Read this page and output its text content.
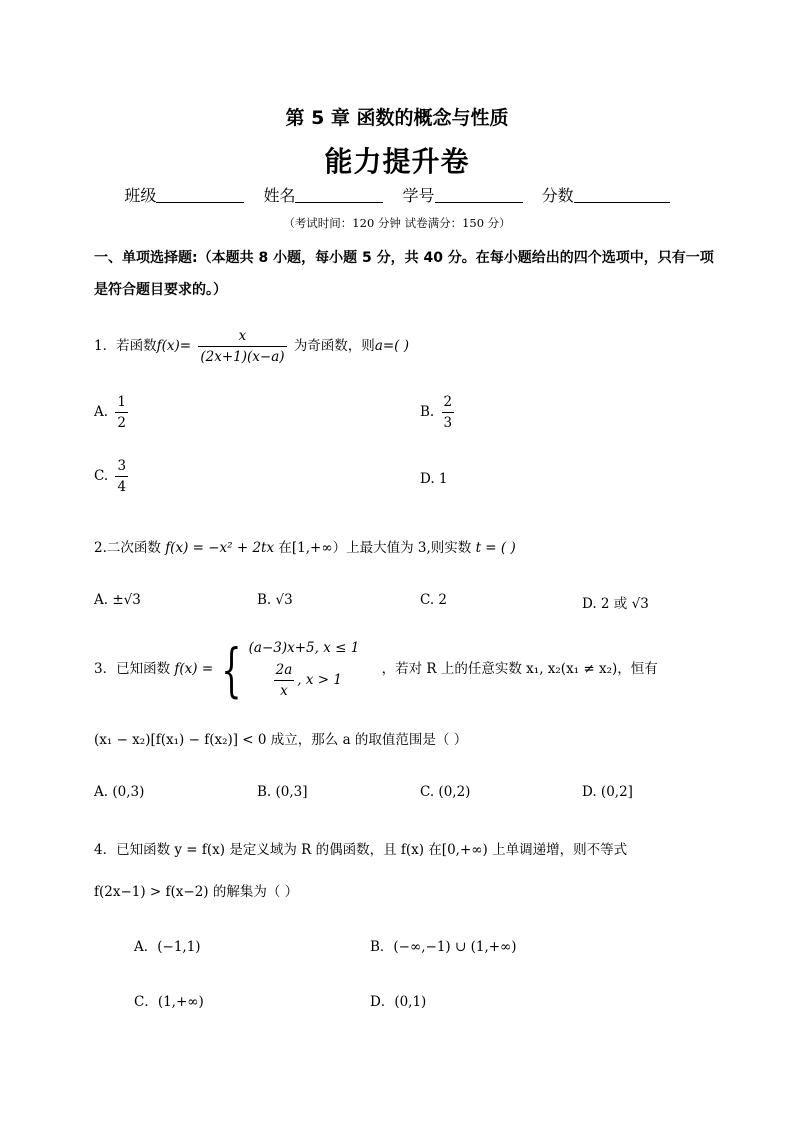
第 5 章 函数的概念与性质
能力提升卷
班级	姓名	学号	分数
（考试时间：120 分钟 试卷满分：150 分）
一、单项选择题:（本题共 8 小题，每小题 5 分，共 40 分。在每小题给出的四个选项中，只有一项
是符合题目要求的。）
1．若函数$f(x)= \frac{x}{(2x+1)(x-a)}$ 为奇函数，则a=( )
A. $\frac{1}{2}$	B. $\frac{2}{3}$
C. $\frac{3}{4}$	D. 1
2.二次函数 f(x) = −x² + 2tx 在[1,+∞）上最大值为 3,则实数 t = ( )
A. ±√3	B. √3	C. 2	D. 2 或 √3
3．已知函数 f(x) = { (a−3)x+5, x ≤ 1
$\frac{2a}{x}$ , x > 1
，若对 R 上的任意实数 x₁, x₂(x₁ ≠ x₂)，恒有
(x₁ − x₂)[f(x₁) − f(x₂)] < 0 成立，那么 a 的取值范围是（ ）
A. (0,3)	B. (0,3]	C. (0,2)	D. (0,2]
4．已知函数 y = f(x) 是定义域为 R 的偶函数，且 f(x) 在[0,+∞) 上单调递增，则不等式
f(2x−1) > f(x−2) 的解集为（ ）
A．(−1,1)	B．(−∞,−1) ∪ (1,+∞)
C．(1,+∞)	D．(0,1)
